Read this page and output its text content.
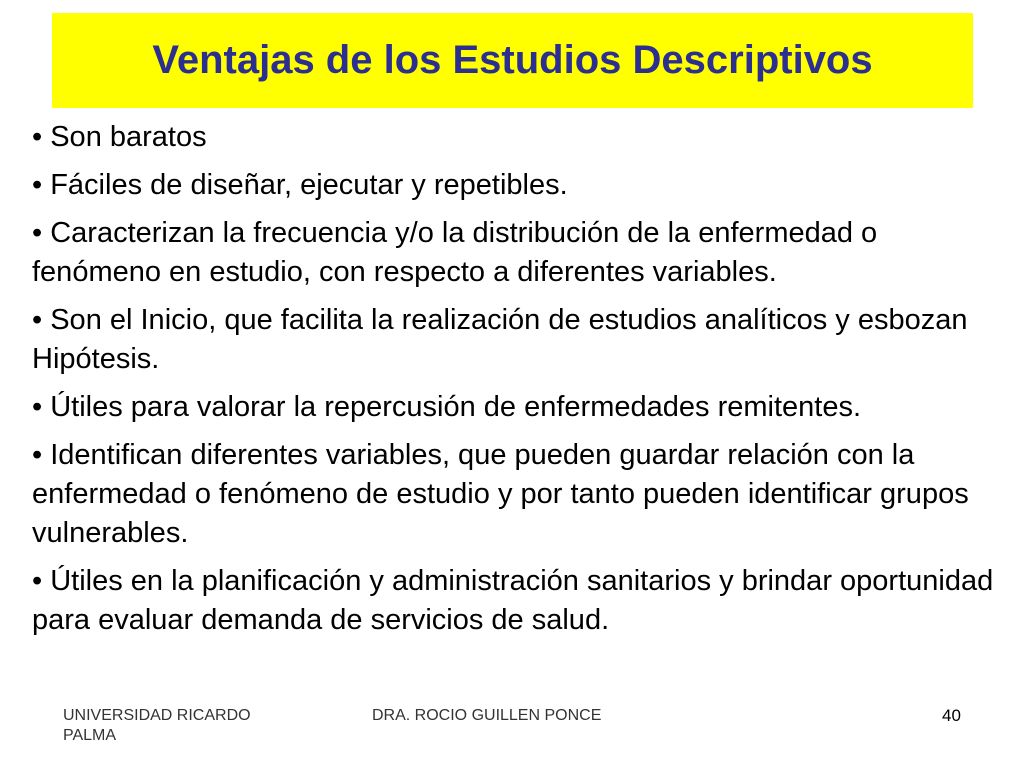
Ventajas de los Estudios Descriptivos
• Son baratos
• Fáciles de diseñar, ejecutar y repetibles.
• Caracterizan la frecuencia y/o la distribución de la enfermedad o fenómeno en estudio, con respecto a diferentes variables.
• Son el Inicio, que facilita la realización de estudios analíticos y esbozan Hipótesis.
• Útiles para valorar la repercusión de enfermedades remitentes.
• Identifican diferentes variables, que pueden guardar relación con la enfermedad o fenómeno de estudio y por tanto pueden identificar grupos vulnerables.
• Útiles en la planificación y administración sanitarios y brindar oportunidad para evaluar demanda de servicios de salud.
UNIVERSIDAD RICARDO PALMA
DRA. ROCIO GUILLEN PONCE	40
